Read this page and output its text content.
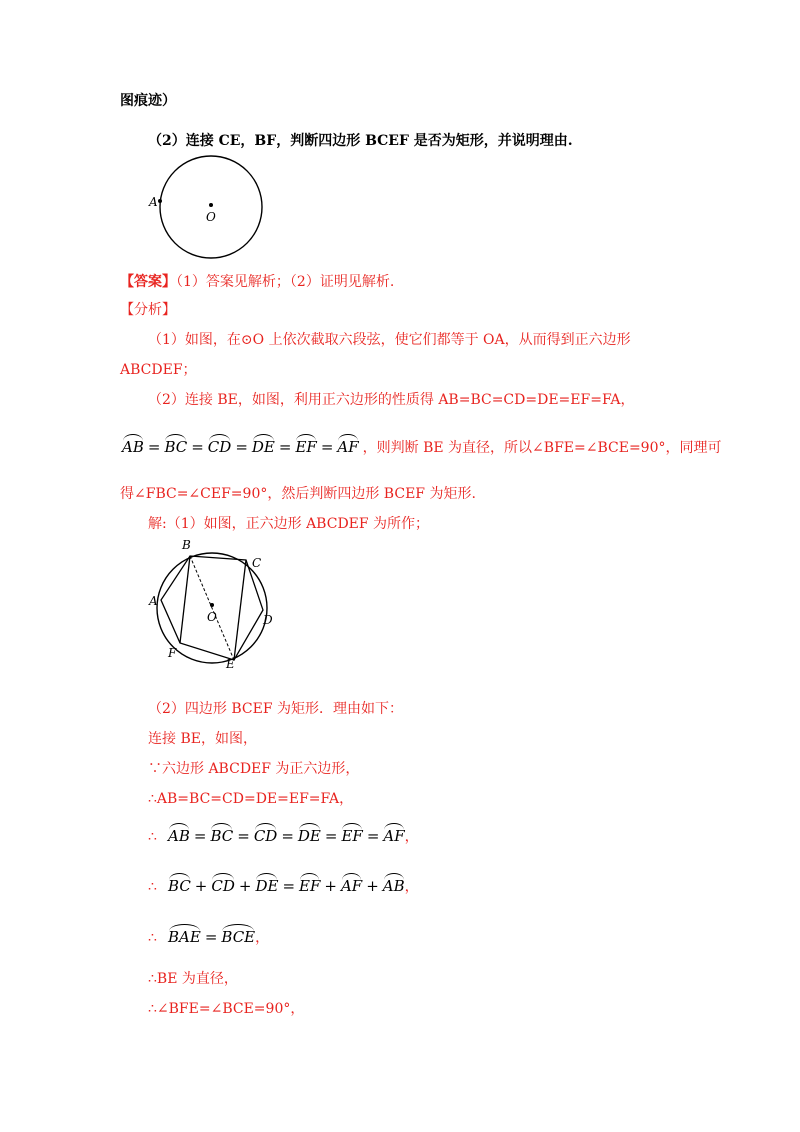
图痕迹）
（2）连接 CE，BF，判断四边形 BCEF 是否为矩形，并说明理由.
A
O
【答案】（1）答案见解析；（2）证明见解析.
【分析】
（1）如图，在⊙O 上依次截取六段弦，使它们都等于 OA，从而得到正六边形
ABCDEF；
（2）连接 BE，如图，利用正六边形的性质得 AB=BC=CD=DE=EF=FA，
AB = BC = CD = DE = EF = AF ，则判断 BE 为直径，所以∠BFE=∠BCE=90°，同理可
得∠FBC=∠CEF=90°，然后判断四边形 BCEF 为矩形.
解:（1）如图，正六边形 ABCDEF 为所作；
B
C
D
E
F
A
O
（2）四边形 BCEF 为矩形．理由如下：
连接 BE，如图，
∵六边形 ABCDEF 为正六边形，
∴AB=BC=CD=DE=EF=FA，
∴ AB = BC = CD = DE = EF = AF，
∴ BC + CD + DE = EF + AF + AB，
∴ BAE = BCE，
∴BE 为直径，
∴∠BFE=∠BCE=90°，
